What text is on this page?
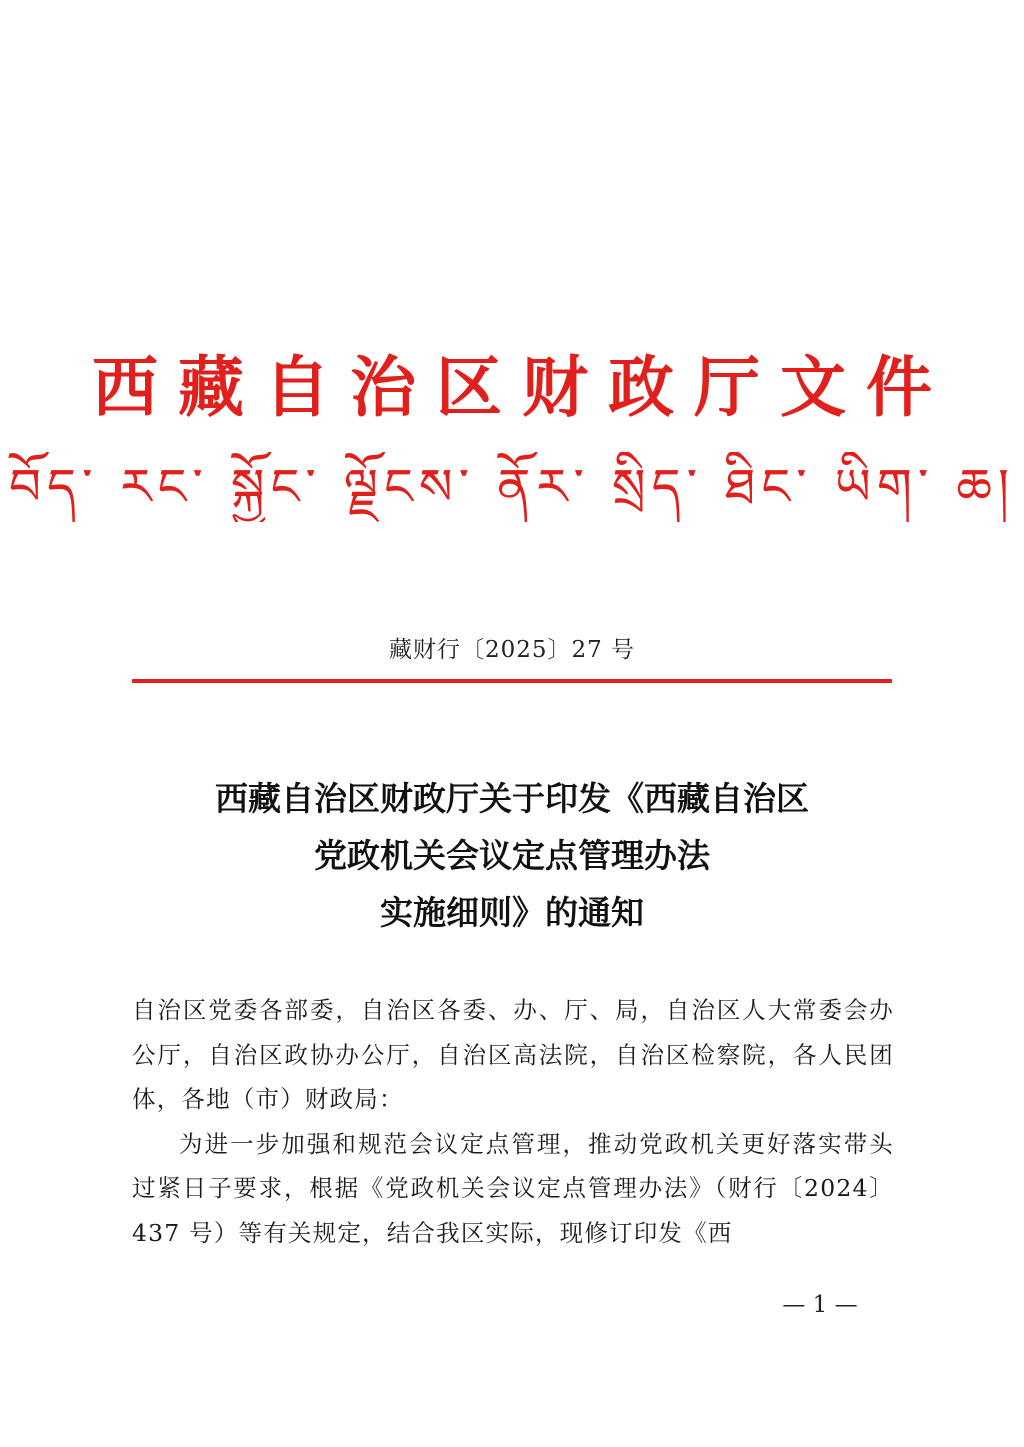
西藏自治区财政厅文件
བོད་ རང་ སྐྱོང་ ལྗོངས་ ནོར་ སྲིད་ ཐིང་ ཡིག་ ཆ།
藏财行〔2025〕27 号
西藏自治区财政厅关于印发《西藏自治区
党政机关会议定点管理办法
实施细则》的通知

自治区党委各部委，自治区各委、办、厅、局，自治区人大常委会办公厅，自治区政协办公厅，自治区高法院，自治区检察院，各人民团体，各地（市）财政局：

为进一步加强和规范会议定点管理，推动党政机关更好落实带头过紧日子要求，根据《党政机关会议定点管理办法》（财行〔2024〕437 号）等有关规定，结合我区实际，现修订印发《西

— 1 —
